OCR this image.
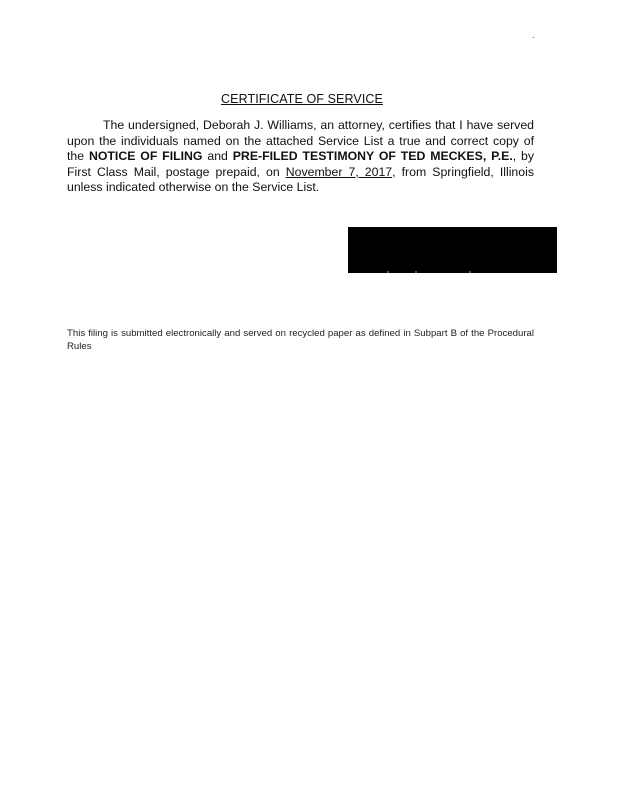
.
CERTIFICATE OF SERVICE

The undersigned, Deborah J. Williams, an attorney, certifies that I have served upon the individuals named on the attached Service List a true and correct copy of the NOTICE OF FILING and PRE-FILED TESTIMONY OF TED MECKES, P.E., by First Class Mail, postage prepaid, on November 7, 2017, from Springfield, Illinois unless indicated otherwise on the Service List.

This filing is submitted electronically and served on recycled paper as defined in Subpart B of the Procedural Rules
